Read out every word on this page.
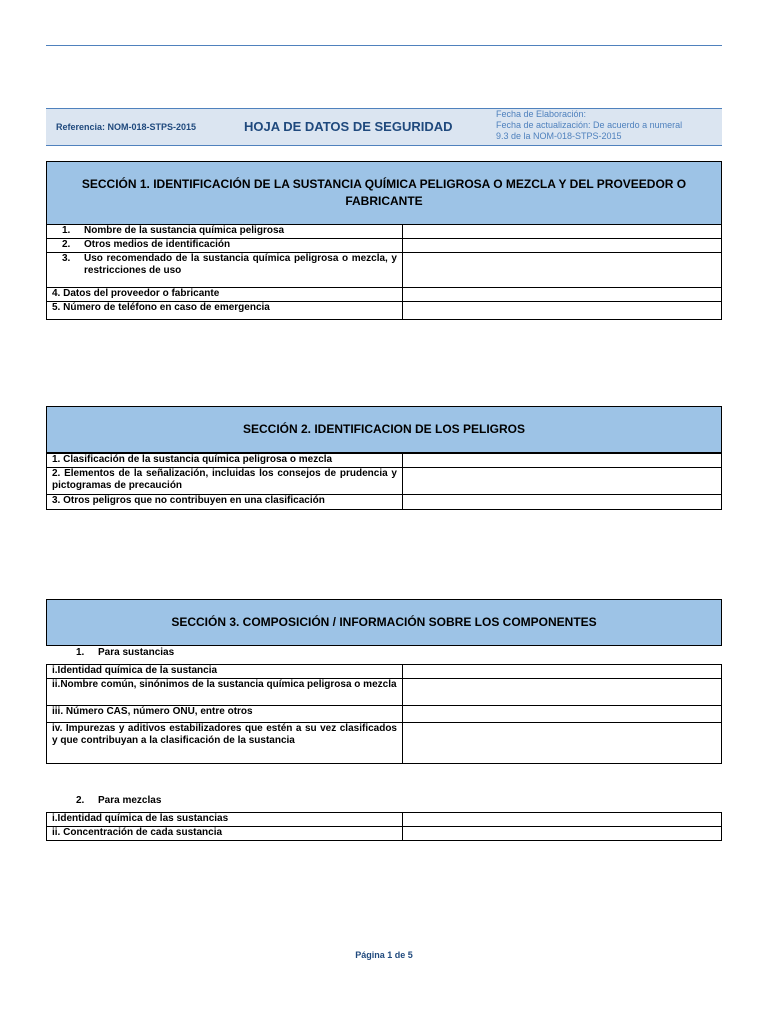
Referencia: NOM-018-STPS-2015	HOJA DE DATOS DE SEGURIDAD
Fecha de Elaboración:
Fecha de actualización: De acuerdo a numeral
9.3 de la NOM-018-STPS-2015
SECCIÓN 1. IDENTIFICACIÓN DE LA SUSTANCIA QUÍMICA PELIGROSA O MEZCLA Y DEL PROVEEDOR O FABRICANTE
1. Nombre de la sustancia química peligrosa	
2. Otros medios de identificación	

3. Uso recomendado de la sustancia química peligrosa o mezcla, y restricciones de uso	

4. Datos del proveedor o fabricante	
5. Número de teléfono en caso de emergencia	
SECCIÓN 2. IDENTIFICACION DE LOS PELIGROS
1. Clasificación de la sustancia química peligrosa o mezcla	
2. Elementos de la señalización, incluidas los consejos de prudencia y pictogramas de precaución	
3. Otros peligros que no contribuyen en una clasificación	
SECCIÓN 3. COMPOSICIÓN / INFORMACIÓN SOBRE LOS COMPONENTES
1. Para sustancias
i.Identidad química de la sustancia	
ii.Nombre común, sinónimos de la sustancia química peligrosa o mezcla	
iii. Número CAS, número ONU, entre otros	
iv. Impurezas y aditivos estabilizadores que estén a su vez clasificados y que contribuyan a la clasificación de la sustancia	
2. Para mezclas
i.Identidad química de las sustancias	
ii. Concentración de cada sustancia	
Página 1 de 5
